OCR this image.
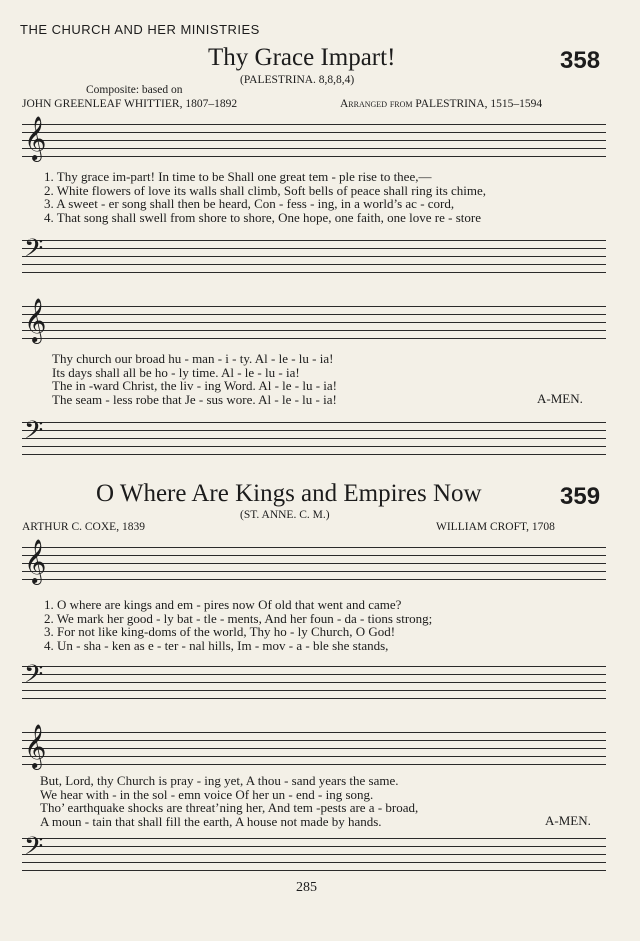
THE CHURCH AND HER MINISTRIES
Thy Grace Impart!	358
(PALESTRINA. 8,8,8,4)
Composite: based on
JOHN GREENLEAF WHITTIER, 1807–1892	Arranged from PALESTRINA, 1515–1594
𝄞
1. Thy grace im-part! In time to be Shall one great tem - ple rise to thee,—
2. White flowers of love its walls shall climb, Soft bells of peace shall ring its chime,
3. A sweet - er song shall then be heard, Con - fess - ing, in a world’s ac - cord,
4. That song shall swell from shore to shore, One hope, one faith, one love re - store
𝄢
𝄞
Thy church our broad hu - man - i - ty. Al - le - lu - ia!
Its days shall all be ho - ly time. Al - le - lu - ia!
The in -ward Christ, the liv - ing Word. Al - le - lu - ia!
The seam - less robe that Je - sus wore. Al - le - lu - ia!	A-MEN.
𝄢
O Where Are Kings and Empires Now	359
(ST. ANNE. C. M.)
ARTHUR C. COXE, 1839	WILLIAM CROFT, 1708
𝄞
1. O where are kings and em - pires now Of old that went and came?
2. We mark her good - ly bat - tle - ments, And her foun - da - tions strong;
3. For not like king-doms of the world, Thy ho - ly Church, O God!
4. Un - sha - ken as e - ter - nal hills, Im - mov - a - ble she stands,
𝄢
𝄞
But, Lord, thy Church is pray - ing yet, A thou - sand years the same.
We hear with - in the sol - emn voice Of her un - end - ing song.
Tho’ earthquake shocks are threat’ning her, And tem -pests are a - broad,
A moun - tain that shall fill the earth, A house not made by hands.	A-MEN.
𝄢
285
